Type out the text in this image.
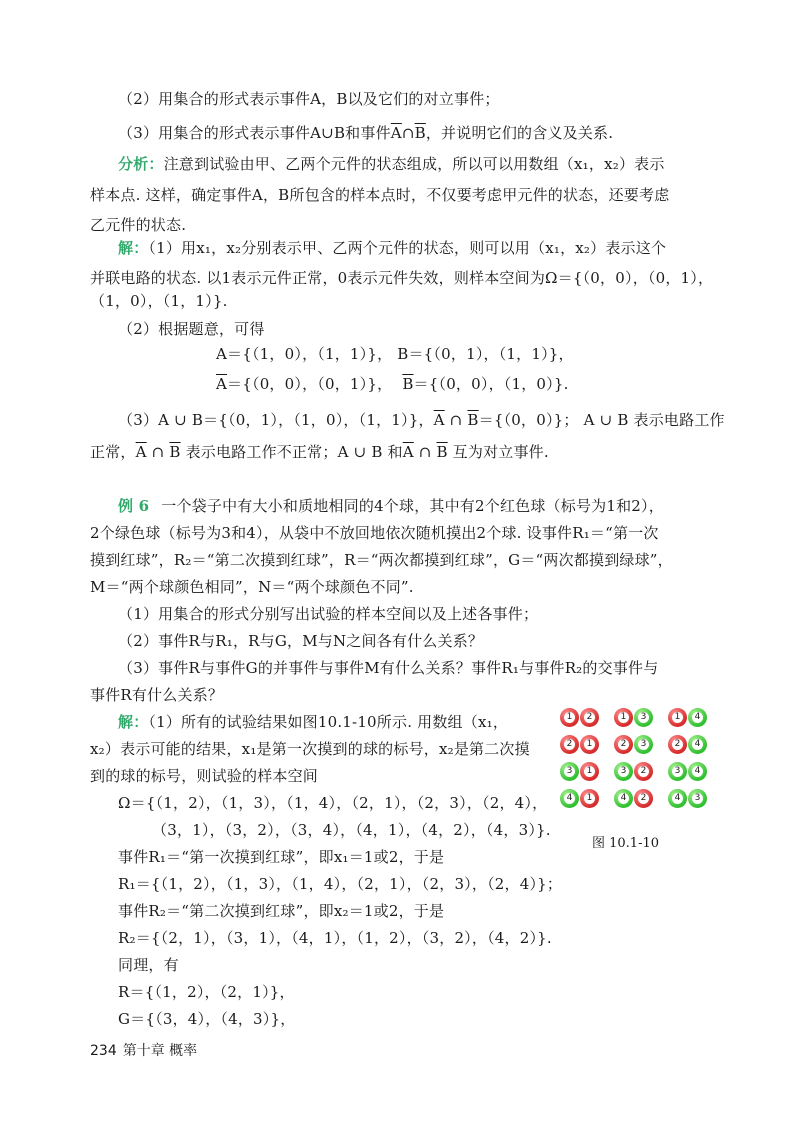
（2）用集合的形式表示事件A，B以及它们的对立事件；
（3）用集合的形式表示事件A∪B和事件$\overline{A}\cap\overline{B}$，并说明它们的含义及关系.
分析：注意到试验由甲、乙两个元件的状态组成，所以可以用数组（x₁，x₂）表示
样本点. 这样，确定事件A，B所包含的样本点时，不仅要考虑甲元件的状态，还要考虑
乙元件的状态.
解：（1）用x₁，x₂分别表示甲、乙两个元件的状态，则可以用（x₁，x₂）表示这个
并联电路的状态. 以1表示元件正常，0表示元件失效，则样本空间为Ω＝{（0，0），（0，1），
（1，0），（1，1）}.
（2）根据题意，可得
A＝{（1，0），（1，1）}， B＝{（0，1），（1，1）}，
$\overline{A}=\{(0$，0），（0，1）}， $\overline{B}=\{(0$，0），（1，0）}.
（3）A ∪ B＝{（0，1），（1，0），（1，1）}，$\overline{A}$ ∩ $\overline{B}=\{(0$，0）}； A ∪ B 表示电路工作
正常，$\overline{A}$ ∩ $\overline{B}$ 表示电路工作不正常；A ∪ B 和$\overline{A}$ ∩ $\overline{B}$ 互为对立事件.
例 6 一个袋子中有大小和质地相同的4个球，其中有2个红色球（标号为1和2），
2个绿色球（标号为3和4），从袋中不放回地依次随机摸出2个球. 设事件R₁＝“第一次
摸到红球”，R₂＝“第二次摸到红球”，R＝“两次都摸到红球”，G＝“两次都摸到绿球”，
M＝“两个球颜色相同”，N＝“两个球颜色不同”.
（1）用集合的形式分别写出试验的样本空间以及上述各事件；
（2）事件R与R₁，R与G，M与N之间各有什么关系？
（3）事件R与事件G的并事件与事件M有什么关系？事件R₁与事件R₂的交事件与
事件R有什么关系？
解：（1）所有的试验结果如图10.1-10所示. 用数组（x₁，
x₂）表示可能的结果，x₁是第一次摸到的球的标号，x₂是第二次摸
到的球的标号，则试验的样本空间
Ω＝{（1，2），（1，3），（1，4），（2，1），（2，3），（2，4），
（3，1），（3，2），（3，4），（4，1），（4，2），（4，3）}.
事件R₁＝“第一次摸到红球”，即x₁＝1或2，于是
R₁＝{（1，2），（1，3），（1，4），（2，1），（2，3），（2，4）}；
事件R₂＝“第二次摸到红球”，即x₂＝1或2，于是
R₂＝{（2，1），（3，1），（4，1），（1，2），（3，2），（4，2）}.
同理，有
R＝{（1，2），（2，1）}，
G＝{（3，4），（4，3）}，
1 2	1 3	1 4
2 1	2 3	2 4
3 1	3 2	3 4
4 1	4 2	4 3
图 10.1-10
234 第十章 概率
